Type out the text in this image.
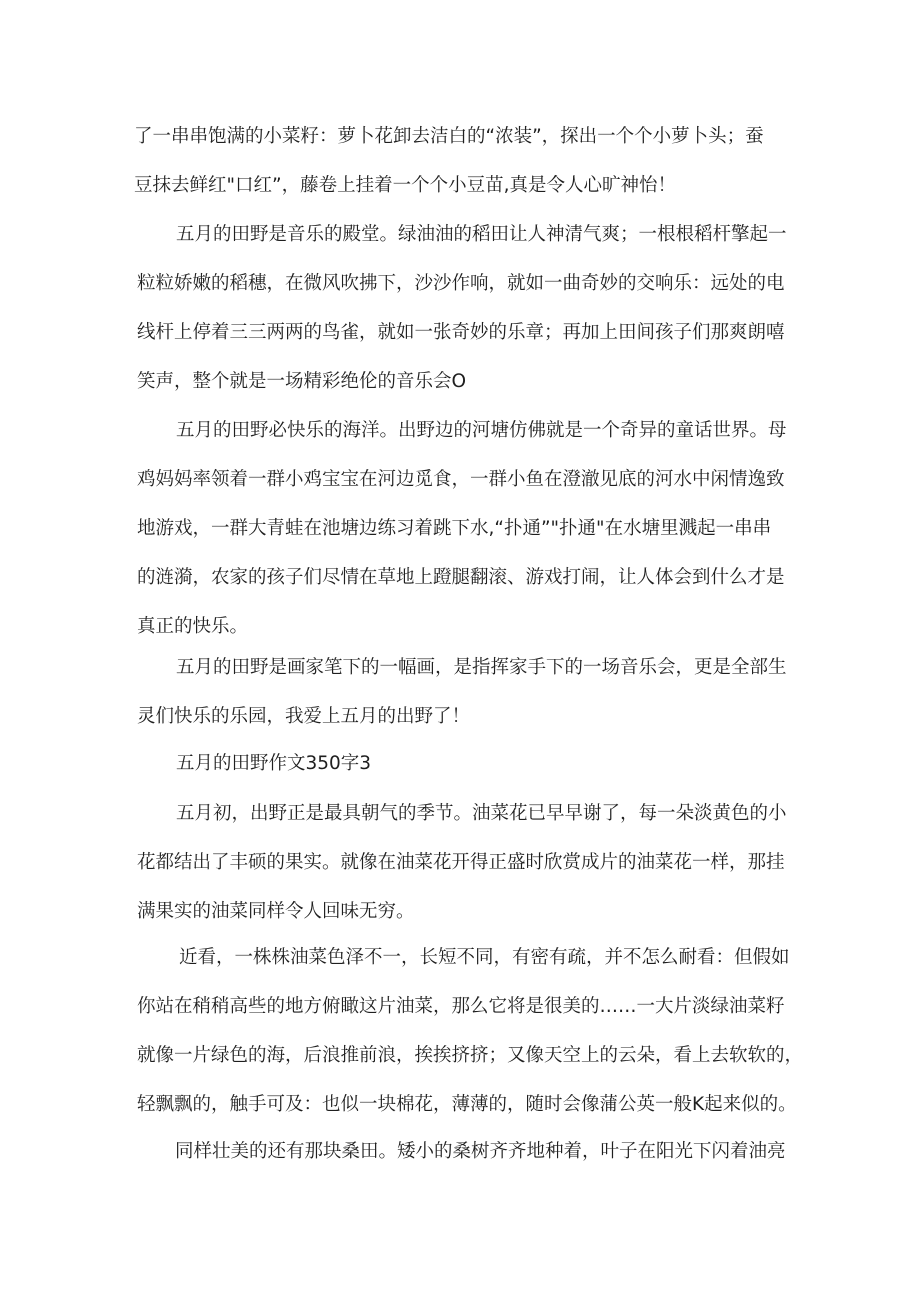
了一串串饱满的小菜籽：萝卜花卸去洁白的“浓装”，探出一个个小萝卜头；蚕
豆抹去鲜红"口红”，藤卷上挂着一个个小豆苗,真是令人心旷神怡！
五月的田野是音乐的殿堂。绿油油的稻田让人神清气爽；一根根稻杆擎起一
粒粒娇嫩的稻穗，在微风吹拂下，沙沙作响，就如一曲奇妙的交响乐：远处的电
线杆上停着三三两两的鸟雀，就如一张奇妙的乐章；再加上田间孩子们那爽朗嘻
笑声，整个就是一场精彩绝伦的音乐会O
五月的田野必快乐的海洋。出野边的河塘仿佛就是一个奇异的童话世界。母
鸡妈妈率领着一群小鸡宝宝在河边觅食，一群小鱼在澄澈见底的河水中闲情逸致
地游戏，一群大青蛙在池塘边练习着跳下水,“扑通”"扑通"在水塘里溅起一串串
的涟漪，农家的孩子们尽情在草地上蹬腿翻滚、游戏打闹，让人体会到什么才是
真正的快乐。
五月的田野是画家笔下的一幅画，是指挥家手下的一场音乐会，更是全部生
灵们快乐的乐园，我爱上五月的出野了！
五月的田野作文350字3
五月初，出野正是最具朝气的季节。油菜花已早早谢了，每一朵淡黄色的小
花都结出了丰硕的果实。就像在油菜花开得正盛时欣赏成片的油菜花一样，那挂
满果实的油菜同样令人回味无穷。
近看，一株株油菜色泽不一，长短不同，有密有疏，并不怎么耐看：但假如
你站在稍稍高些的地方俯瞰这片油菜，那么它将是很美的……一大片淡绿油菜籽
就像一片绿色的海，后浪推前浪，挨挨挤挤；又像天空上的云朵，看上去软软的，
轻飘飘的，触手可及：也似一块棉花，薄薄的，随时会像蒲公英一般K起来似的。
同样壮美的还有那块桑田。矮小的桑树齐齐地种着，叶子在阳光下闪着油亮
